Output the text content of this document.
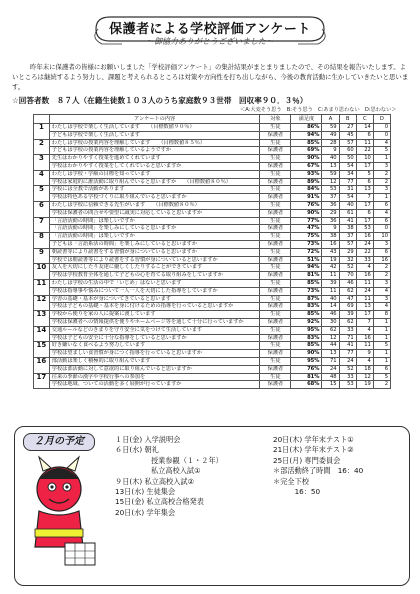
保護者による学校評価アンケート
～御協力ありがとうございました～

昨年末に保護者の皆様にお願いしました「学校評価アンケート」の集計結果がまとまりましたので、その結果を報告いたします。よいところは継続するよう努力し、課題と考えられるところは対策や方向性を打ち出しながら、今後の教育活動に生かしていきたいと思います。

☆回答者数　８７人（在籍生徒数１０３人のうち家庭数９３世帯　回収率９０．３％）
＜A:大変そう思う　B:そう思う　C:あまり思わない　D:思わない＞
	アンケートの内容	対象	満足度	A	B	C	D
1	わたしは学校で楽しく生活しています （目標数値９０％）	生徒	86%	59	27	14	0
	子どもは学校で楽しく生活しています	保護者	94%	49	45	6	0
2	わたしは学校の授業内容を理解しています （目標数値８５％）	生徒	85%	28	57	11	4
	子どもは学校の授業内容を理解しているようですか	保護者	69%	9	60	22	5
3	先生はわかりやすく授業を進めてくれています	生徒	90%	40	50	10	1
	学校はわかりやすく授業をしてくれていると思いますか	保護者	67%	13	54	17	3
4	わたしは学校・学級の目標を知っています	生徒	93%	59	34	5	2
	学校は家庭的に誰活動に取り組んでいると思いますか （目標数値８０％）	保護者	89%	12	77	6	2
5	学校には全教で活動があります	生徒	84%	53	31	13	3
	学校は特色ある学校づくりに取り組んでいると思いますか	保護者	91%	37	54	7	1
6	わたしは学校に信頼できる先生がいます （目標数値８０％）	生徒	76%	36	40	17	6
	学校は保護者の問合せや要望に誠実に対応していると思いますか	保護者	90%	29	61	6	4
7	「言語活動の時間」は楽しいですか	生徒	77%	36	41	17	6
	「言語活動の時間」を楽しみにしていると思いますか	保護者	47%	9	38	53	0
8	「言語活動の時間」は楽しいですか	生徒	75%	38	37	16	10
	子どもは「言語系活の時間」を楽しみにしていると思いますか	保護者	73%	16	57	24	3
9	朝読書等により読書をする習慣が身についていると思いますか	生徒	72%	43	29	22	6
	学校では朝読書等により読書をする習慣が身についていると思いますか	保護者	51%	19	32	33	16
10	友人を大切にしたり友達に優しくしたりすることができています	生徒	94%	42	52	4	2
	学校は学校教育全体を通して子どもの心を育てる取り組みをしていますか	保護者	81%	11	70	16	2
11	わたしは学校の生活の中で「いじめ」はないと思います	生徒	85%	39	46	11	3
	学校は指導事や悩みについて一人一人を大切にした指導をしていますか	保護者	73%	11	62	24	4
12	学習の基礎・基本が身についてきていると思います	生徒	87%	40	47	11	3
	学校は子どもの基礎・基本を身に付けるための指導を行っていると思いますか	保護者	83%	14	69	13	4
13	学校から便りを家の人に提案に渡しています	生徒	85%	46	39	17	8
	学校は保護者への情報提供を便りやホームページ等を通して十分に行っていますか	保護者	92%	30	62	7	1
14	交通ルールなどのきまりを守り安全に気をつけて生活しています	生徒	95%	62	33	4	1
	学校は子どもの安全に十分な指導をしていると思いますか	保護者	83%	12	71	16	1
15	好き嫌いなく食べるよう努力しています	生徒	85%	44	41	11	5
	学校は望ましい食習慣が身につく指導を行っていると思いますか	保護者	90%	13	77	9	1
16	部活動は楽しく積極的に取り組んでいます	生徒	95%	71	24	4	1
	学校は部活動に対して意欲的に取り組んでいると思いますか	保護者	76%	24	52	18	6
17	往来の季節の漢字や学校行事への参加を	生徒	81%	48	33	12	5
	学校は地域、ついての活動を多く展開が行っていますか	保護者	68%	15	53	19	2
２月の予定	１日(金) 入学説明会
６日(水) 朝礼
　　　　　授業参観（１・２年）
　　　　　私立高校入試①
９日(木) 私立高校入試②
13日(水) 生徒集会
15日(金) 私立高校合格発表
20日(水) 学年集会
20日(木) 学年末テスト①
21日(木) 学年末テスト②
25日(月) 専門委員会
＊部活動終了時間　16：40
＊完全下校
　　　16：50
